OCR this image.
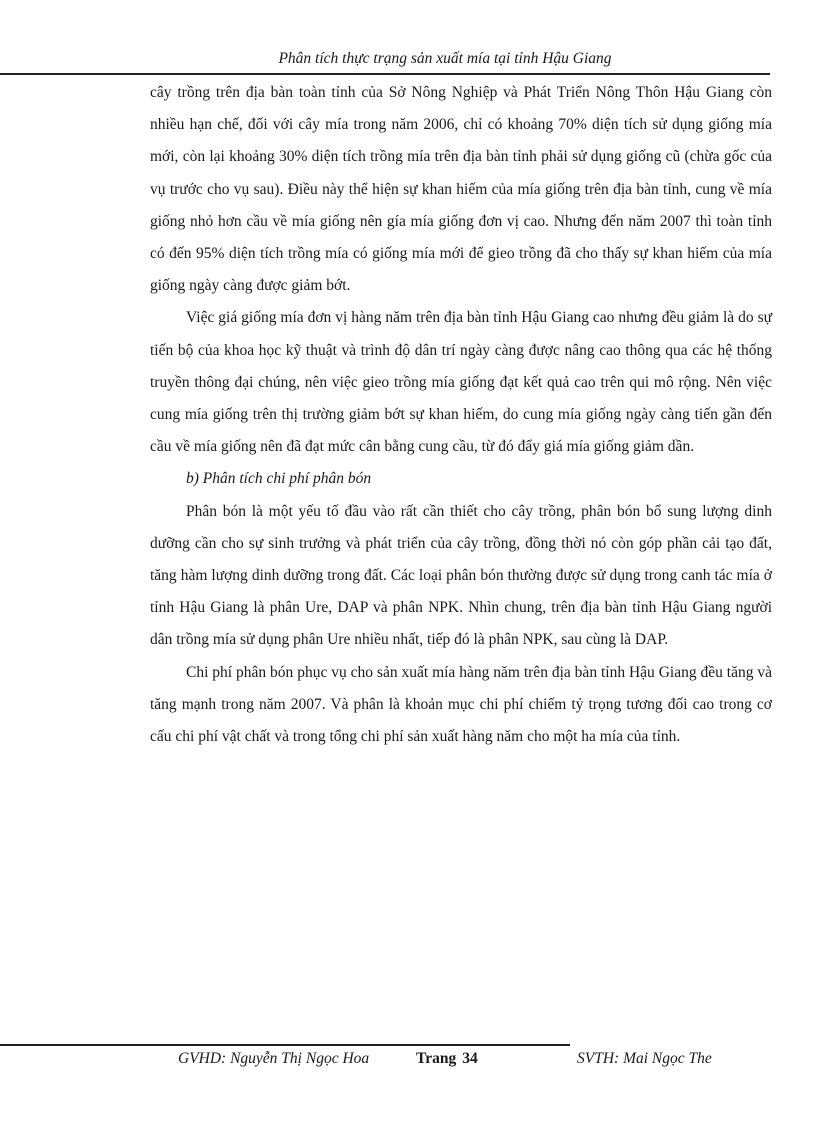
Phân tích thực trạng sản xuất mía tại tỉnh Hậu Giang

cây trồng trên địa bàn toàn tỉnh của Sở Nông Nghiệp và Phát Triển Nông Thôn Hậu Giang còn nhiều hạn chế, đối với cây mía trong năm 2006, chỉ có khoảng 70% diện tích sử dụng giống mía mới, còn lại khoảng 30% diện tích trồng mía trên địa bàn tỉnh phải sử dụng giống cũ (chừa gốc của vụ trước cho vụ sau). Điều này thể hiện sự khan hiếm của mía giống trên địa bàn tỉnh, cung về mía giống nhỏ hơn cầu về mía giống nên gía mía giống đơn vị cao. Nhưng đến năm 2007 thì toàn tỉnh có đến 95% diện tích trồng mía có giống mía mới để gieo trồng đã cho thấy sự khan hiếm của mía giống ngày càng được giảm bớt.

Việc giá giống mía đơn vị hàng năm trên địa bàn tỉnh Hậu Giang cao nhưng đều giảm là do sự tiến bộ của khoa học kỹ thuật và trình độ dân trí ngày càng được nâng cao thông qua các hệ thống truyền thông đại chúng, nên việc gieo trồng mía giống đạt kết quả cao trên qui mô rộng. Nên việc cung mía giống trên thị trường giảm bớt sự khan hiếm, do cung mía giống ngày càng tiến gần đến cầu về mía giống nên đã đạt mức cân bằng cung cầu, từ đó đẩy giá mía giống giảm dần.

b) Phân tích chi phí phân bón

Phân bón là một yếu tố đầu vào rất cần thiết cho cây trồng, phân bón bổ sung lượng dinh dưỡng cần cho sự sinh trưởng và phát triển của cây trồng, đồng thời nó còn góp phần cải tạo đất, tăng hàm lượng dinh dưỡng trong đất. Các loại phân bón thường được sử dụng trong canh tác mía ở tỉnh Hậu Giang là phân Ure, DAP và phân NPK. Nhìn chung, trên địa bàn tỉnh Hậu Giang người dân trồng mía sử dụng phân Ure nhiều nhất, tiếp đó là phân NPK, sau cùng là DAP.

Chi phí phân bón phục vụ cho sản xuất mía hàng năm trên địa bàn tỉnh Hậu Giang đều tăng và tăng mạnh trong năm 2007. Và phân là khoản mục chi phí chiếm tỷ trọng tương đối cao trong cơ cấu chi phí vật chất và trong tổng chi phí sản xuất hàng năm cho một ha mía của tỉnh.

GVHD: Nguyễn Thị Ngọc Hoa	Trang 34	SVTH: Mai Ngọc The
